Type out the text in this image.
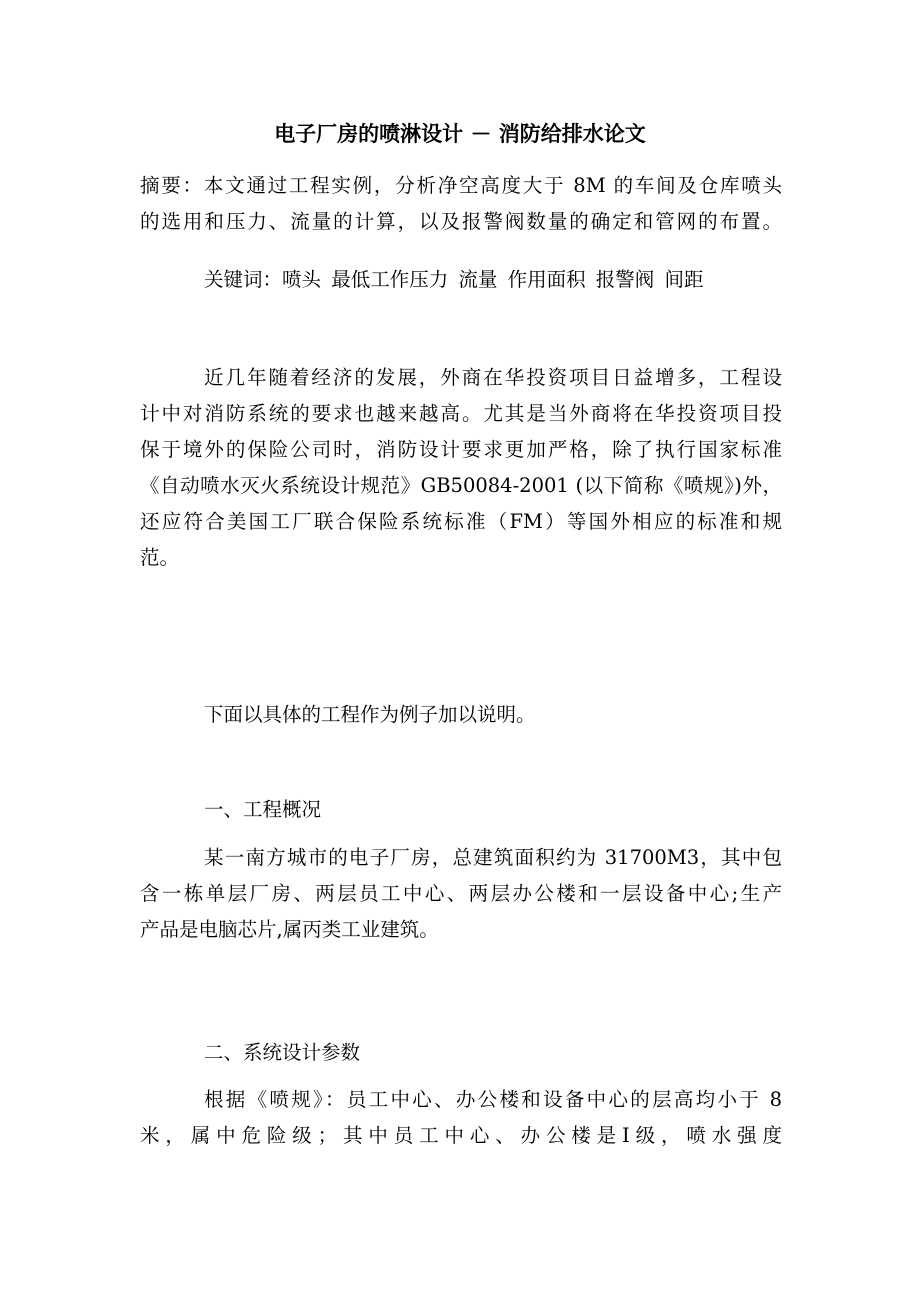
电子厂房的喷淋设计 － 消防给排水论文
摘要：本文通过工程实例，分析净空高度大于 8M 的车间及仓库喷头
的选用和压力、流量的计算，以及报警阀数量的确定和管网的布置。
关键词：喷头 最低工作压力 流量 作用面积 报警阀 间距
近几年随着经济的发展，外商在华投资项目日益增多，工程设
计中对消防系统的要求也越来越高。尤其是当外商将在华投资项目投
保于境外的保险公司时，消防设计要求更加严格，除了执行国家标准
《自动喷水灭火系统设计规范》GB50084-2001 (以下简称《喷规》)外，
还应符合美国工厂联合保险系统标准（FM）等国外相应的标准和规
范。
下面以具体的工程作为例子加以说明。
一、工程概况
某一南方城市的电子厂房，总建筑面积约为 31700M3，其中包
含一栋单层厂房、两层员工中心、两层办公楼和一层设备中心;生产
产品是电脑芯片,属丙类工业建筑。
二、系统设计参数
根据《喷规》：员工中心、办公楼和设备中心的层高均小于 8
米，属中危险级；其中员工中心、办公楼是Ⅰ级，喷水强度
